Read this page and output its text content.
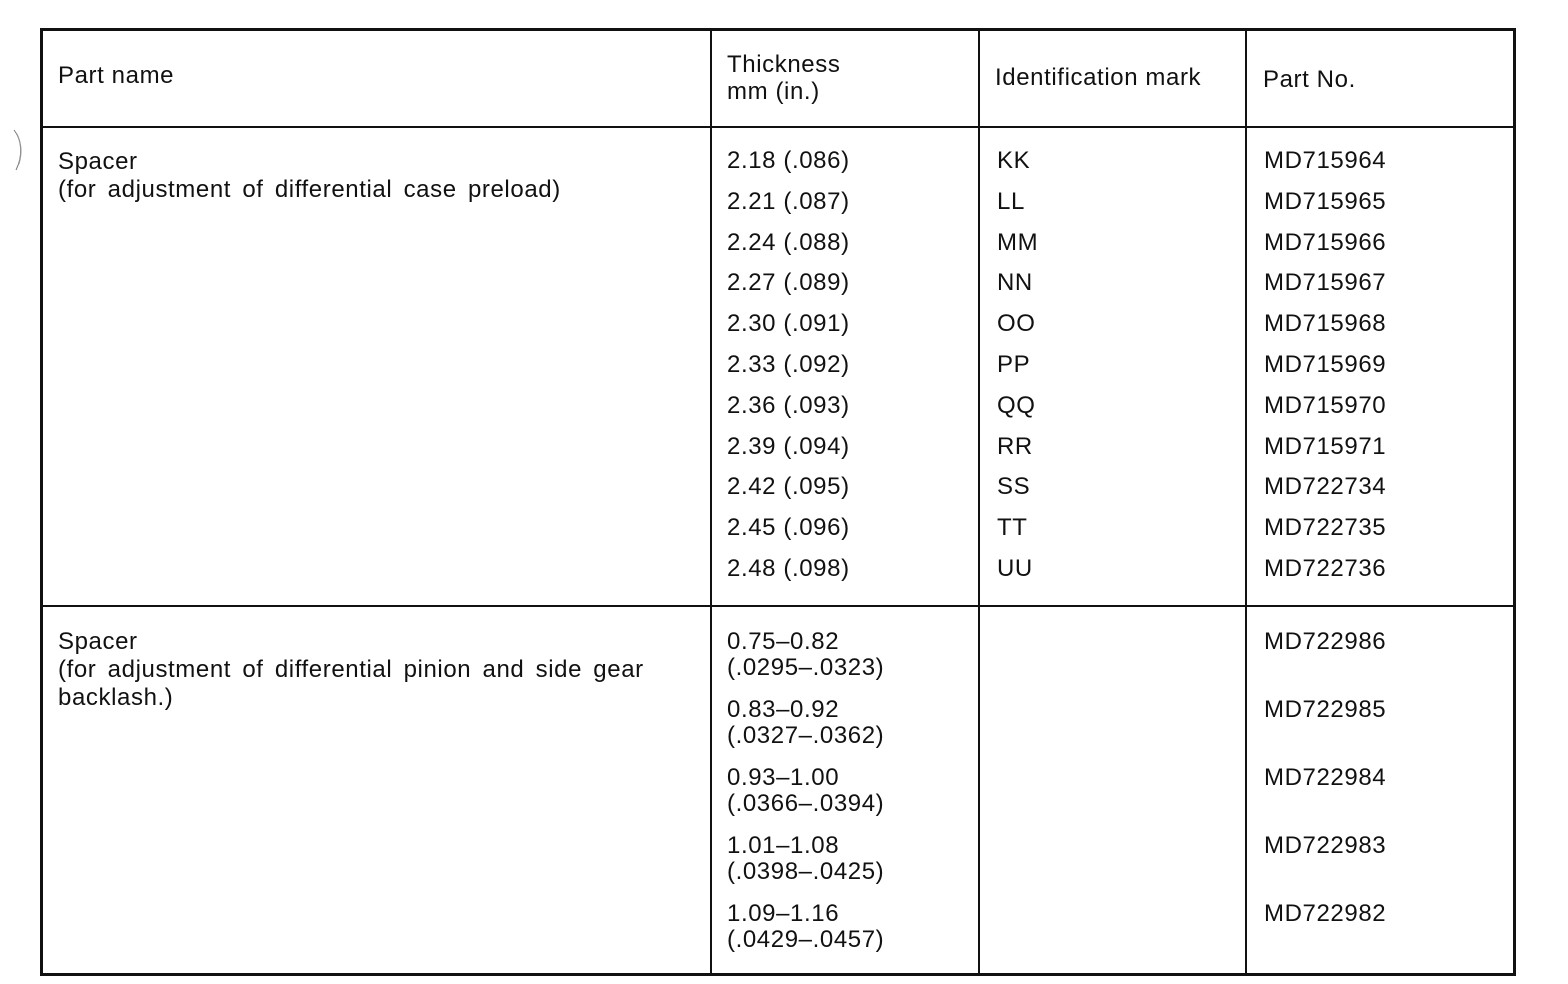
Part name	Thickness
mm (in.)
Identification mark	Part No.
Spacer
(for adjustment of differential case preload)
2.18 (.086)
2.21 (.087)
2.24 (.088)
2.27 (.089)
2.30 (.091)
2.33 (.092)
2.36 (.093)
2.39 (.094)
2.42 (.095)
2.45 (.096)
2.48 (.098)
KK
LL
MM
NN
OO
PP
QQ
RR
SS
TT
UU
MD715964
MD715965
MD715966
MD715967
MD715968
MD715969
MD715970
MD715971
MD722734
MD722735
MD722736
Spacer
(for adjustment of differential pinion and side gear backlash.)
0.75–0.82
(.0295–.0323)
0.83–0.92
(.0327–.0362)
0.93–1.00
(.0366–.0394)
1.01–1.08
(.0398–.0425)
1.09–1.16
(.0429–.0457)
MD722986
MD722985
MD722984
MD722983
MD722982
